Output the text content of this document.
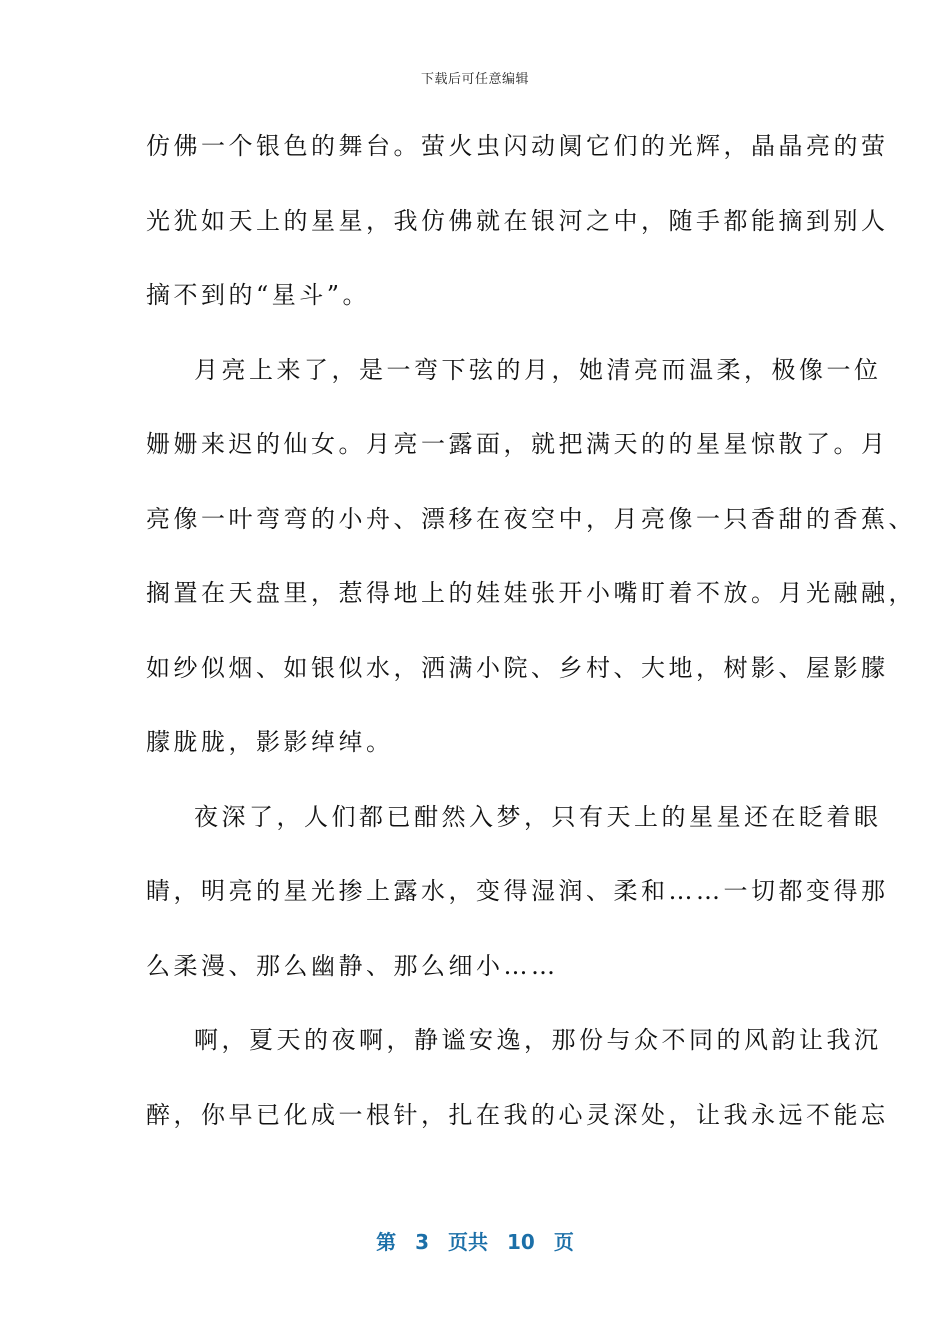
下载后可任意编辑
仿佛一个银色的舞台。萤火虫闪动阒它们的光辉，晶晶亮的萤
光犹如天上的星星，我仿佛就在银河之中，随手都能摘到别人
摘不到的“星斗”。
月亮上来了，是一弯下弦的月，她清亮而温柔，极像一位
姗姗来迟的仙女。月亮一露面，就把满天的的星星惊散了。月
亮像一叶弯弯的小舟、漂移在夜空中，月亮像一只香甜的香蕉、
搁置在天盘里，惹得地上的娃娃张开小嘴盯着不放。月光融融，
如纱似烟、如银似水，洒满小院、乡村、大地，树影、屋影朦
朦胧胧，影影绰绰。
夜深了，人们都已酣然入梦，只有天上的星星还在眨着眼
睛，明亮的星光掺上露水，变得湿润、柔和……一切都变得那
么柔漫、那么幽静、那么细小……
啊，夏天的夜啊，静谧安逸，那份与众不同的风韵让我沉
醉，你早已化成一根针，扎在我的心灵深处，让我永远不能忘
第 3 页共 10 页
